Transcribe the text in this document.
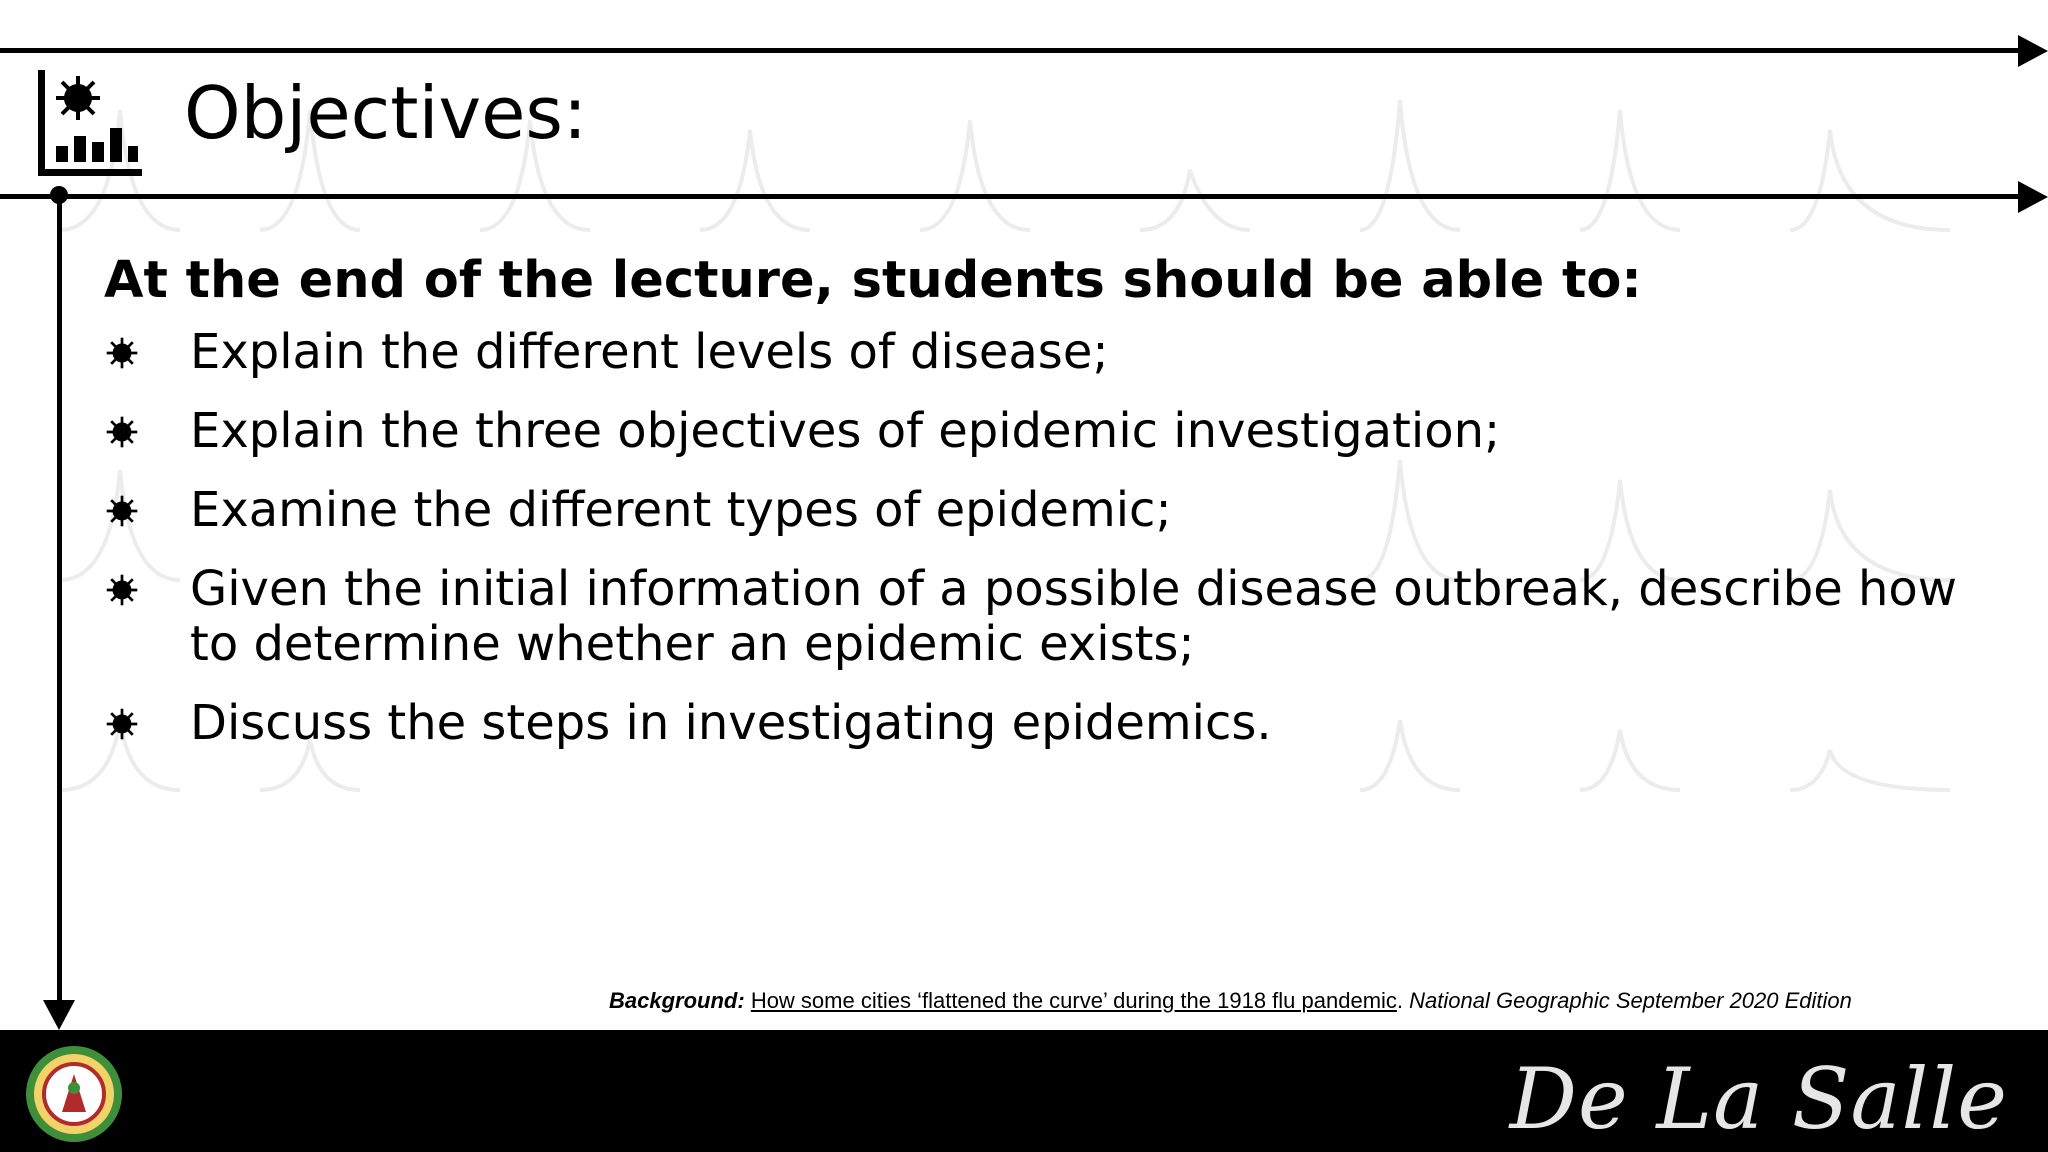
Objectives:

At the end of the lecture, students should be able to:

Explain the different levels of disease;
Explain the three objectives of epidemic investigation;
Examine the different types of epidemic;
Given the initial information of a possible disease outbreak, describe how to determine whether an epidemic exists;
Discuss the steps in investigating epidemics.
Background: How some cities ‘flattened the curve’ during the 1918 flu pandemic. National Geographic September 2020 Edition
De La Salle
